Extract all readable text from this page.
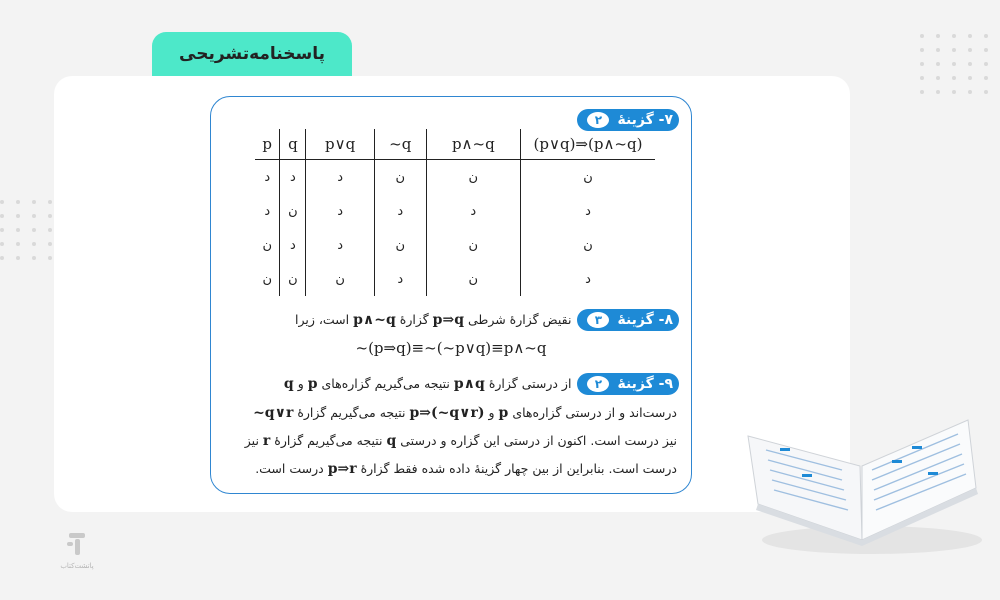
پاسخنامه‌تشریحی
۷- گزینهٔ
۲
p	q	p∨q	~q	p∧~q	(p∨q)⇒(p∧~q)
د	د	د	ن	ن	ن
د	ن	د	د	د	د
ن	د	د	ن	ن	ن
ن	ن	ن	د	ن	د
۸- گزینهٔ
۳
نقیض گزارهٔ شرطی p⇒q گزارهٔ p∧~q است، زیرا
~(p⇒q)≡~(~p∨q)≡p∧~q
۹- گزینهٔ
۲
از درستی گزارهٔ p∧q نتیجه می‌گیریم گزاره‌های p و q
درست‌اند و از درستی گزاره‌های p و p⇒(~q∨r) نتیجه می‌گیریم گزارهٔ ~q∨r
نیز درست است. اکنون از درستی این گزاره و درستی q نتیجه می‌گیریم گزارهٔ r نیز
درست است. بنابراین از بین چهار گزینهٔ داده شده فقط گزارهٔ p⇒r درست است.
پاتشت‌کتاب
